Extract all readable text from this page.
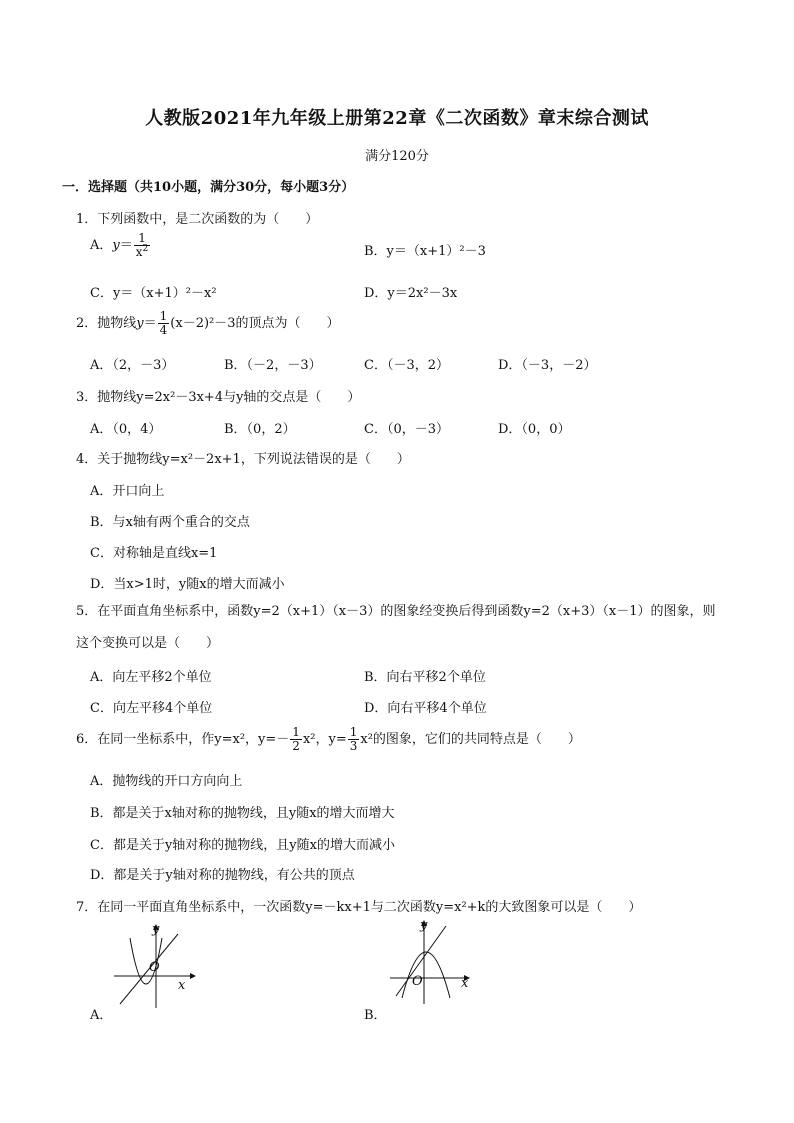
人教版2021年九年级上册第22章《二次函数》章末综合测试
满分120分
一．选择题（共10小题，满分30分，每小题3分）
1．下列函数中，是二次函数的为（　　）
A．$y= \frac{1}{x^2}$	B．y＝（x+1）²－3
C．y＝（x+1）²－x²	D．y＝2x²－3x
2．抛物线$y= \frac{1}{4} (x-2)^2-3$的顶点为（　　）
A．（2，－3）	B．（－2，－3）	C．（－3，2）	D．（－3，－2）
3．抛物线y=2x²－3x+4与y轴的交点是（　　）
A．（0，4）	B．（0，2）	C．（0，－3）	D．（0，0）
4．关于抛物线y=x²－2x+1，下列说法错误的是（　　）
A．开口向上
B．与x轴有两个重合的交点
C．对称轴是直线x=1
D．当x>1时，y随x的增大而减小
5．在平面直角坐标系中，函数y=2（x+1）（x－3）的图象经变换后得到函数y=2（x+3）（x－1）的图象，则这个变换可以是（　　）
A．向左平移2个单位	B．向右平移2个单位
C．向左平移4个单位	D．向右平移4个单位
6．在同一坐标系中，作y=x²，$y=- \frac{1}{2} x^2$，$y= \frac{1}{3} x^2$的图象，它们的共同特点是（　　）
A．抛物线的开口方向向上
B．都是关于x轴对称的抛物线，且y随x的增大而增大
C．都是关于y轴对称的抛物线，且y随x的增大而减小
D．都是关于y轴对称的抛物线，有公共的顶点
7．在同一平面直角坐标系中，一次函数y=－kx+1与二次函数y=x²+k的大致图象可以是（　　）
y
x
O
A．
y
x
O
B．
